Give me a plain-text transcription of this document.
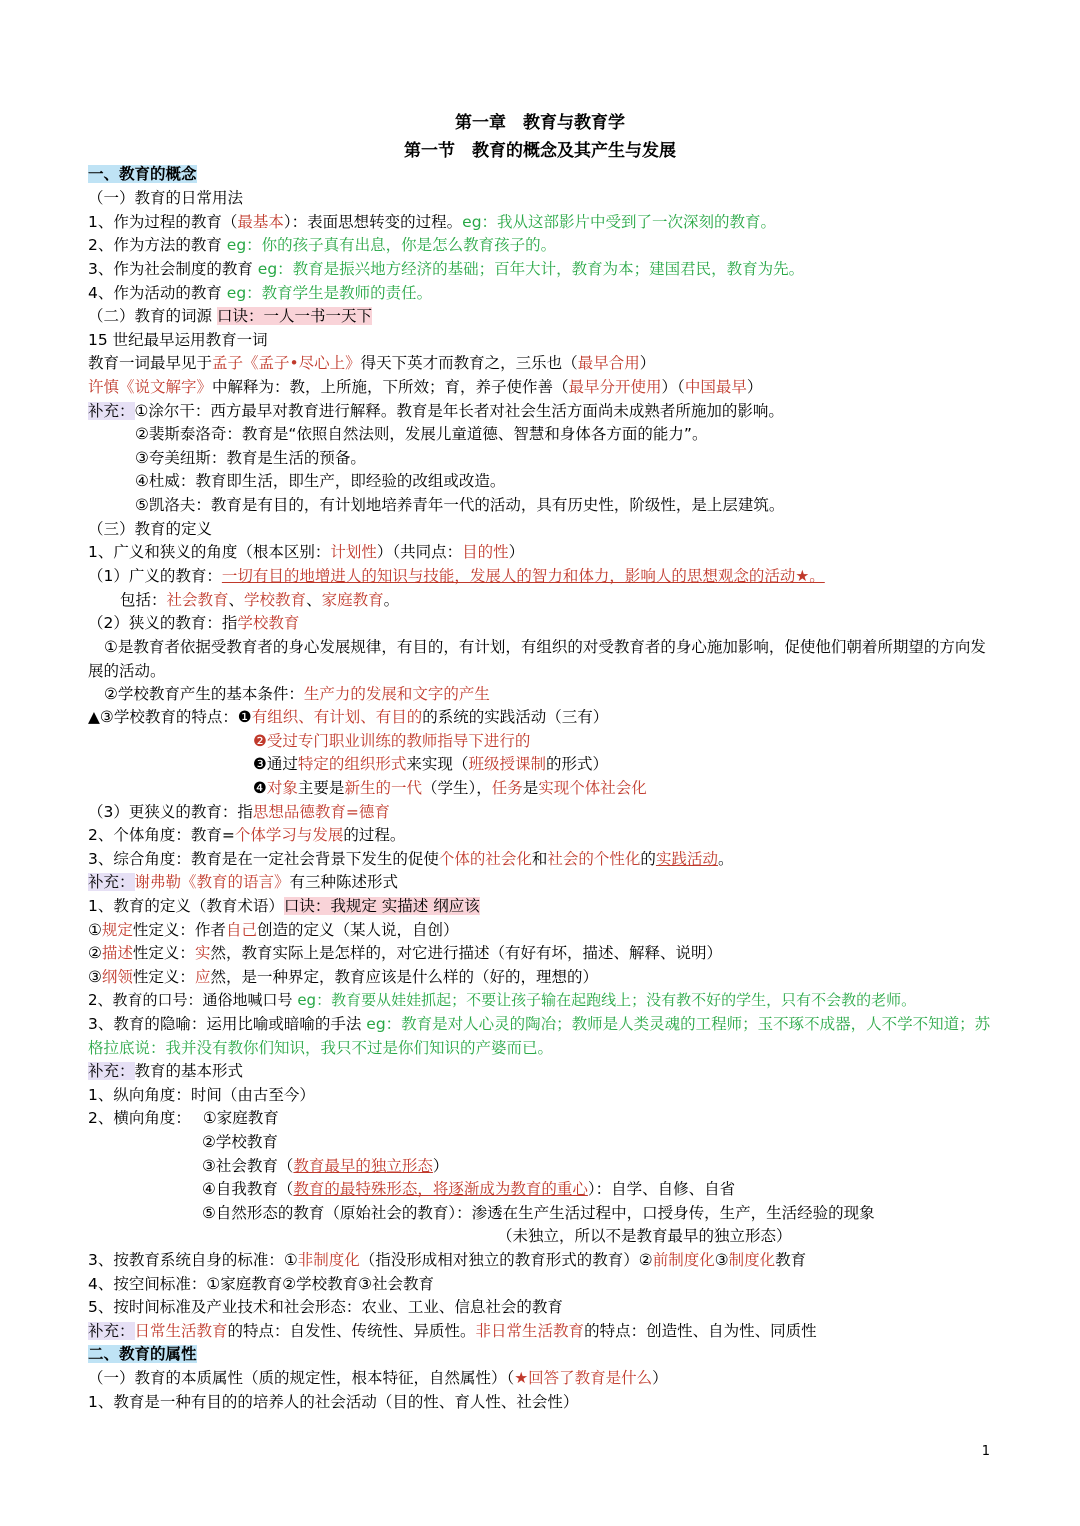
第一章　教育与教育学
第一节　教育的概念及其产生与发展
一、教育的概念
（一）教育的日常用法
1、作为过程的教育（最基本）：表面思想转变的过程。eg：我从这部影片中受到了一次深刻的教育。
2、作为方法的教育 eg：你的孩子真有出息，你是怎么教育孩子的。
3、作为社会制度的教育 eg：教育是振兴地方经济的基础；百年大计，教育为本；建国君民，教育为先。
4、作为活动的教育 eg：教育学生是教师的责任。
（二）教育的词源 口诀：一人一书一天下
15 世纪最早运用教育一词
教育一词最早见于孟子《孟子•尽心上》得天下英才而教育之，三乐也（最早合用）
许慎《说文解字》中解释为：教，上所施，下所效；育，养子使作善（最早分开使用）（中国最早）
补充：①涂尔干：西方最早对教育进行解释。教育是年长者对社会生活方面尚未成熟者所施加的影响。
②裴斯泰洛奇：教育是“依照自然法则，发展儿童道德、智慧和身体各方面的能力”。
③夸美纽斯：教育是生活的预备。
④杜威：教育即生活，即生产，即经验的改组或改造。
⑤凯洛夫：教育是有目的，有计划地培养青年一代的活动，具有历史性，阶级性，是上层建筑。
（三）教育的定义
1、广义和狭义的角度（根本区别：计划性）（共同点：目的性）
（1）广义的教育：一切有目的地增进人的知识与技能，发展人的智力和体力，影响人的思想观念的活动★。
包括：社会教育、学校教育、家庭教育。
（2）狭义的教育：指学校教育
①是教育者依据受教育者的身心发展规律，有目的，有计划，有组织的对受教育者的身心施加影响，促使他们朝着所期望的方向发展的活动。
②学校教育产生的基本条件：生产力的发展和文字的产生
▲③学校教育的特点：❶有组织、有计划、有目的的系统的实践活动（三有）
❷受过专门职业训练的教师指导下进行的
❸通过特定的组织形式来实现（班级授课制的形式）
❹对象主要是新生的一代（学生），任务是实现个体社会化
（3）更狭义的教育：指思想品德教育=德育
2、个体角度：教育=个体学习与发展的过程。
3、综合角度：教育是在一定社会背景下发生的促使个体的社会化和社会的个性化的实践活动。
补充：谢弗勒《教育的语言》有三种陈述形式
1、教育的定义（教育术语）口诀：我规定 实描述 纲应该
①规定性定义：作者自己创造的定义（某人说，自创）
②描述性定义：实然，教育实际上是怎样的，对它进行描述（有好有坏，描述、解释、说明）
③纲领性定义：应然，是一种界定，教育应该是什么样的（好的，理想的）
2、教育的口号：通俗地喊口号 eg：教育要从娃娃抓起；不要让孩子输在起跑线上；没有教不好的学生，只有不会教的老师。
3、教育的隐喻：运用比喻或暗喻的手法 eg：教育是对人心灵的陶冶；教师是人类灵魂的工程师；玉不琢不成器，人不学不知道；苏格拉底说：我并没有教你们知识，我只不过是你们知识的产婆而已。
补充：教育的基本形式
1、纵向角度：时间（由古至今）
2、横向角度： ①家庭教育
②学校教育
③社会教育（教育最早的独立形态）
④自我教育（教育的最特殊形态，将逐渐成为教育的重心）：自学、自修、自省
⑤自然形态的教育（原始社会的教育）：渗透在生产生活过程中，口授身传，生产，生活经验的现象
（未独立，所以不是教育最早的独立形态）
3、按教育系统自身的标准：①非制度化（指没形成相对独立的教育形式的教育）②前制度化③制度化教育
4、按空间标准：①家庭教育②学校教育③社会教育
5、按时间标准及产业技术和社会形态：农业、工业、信息社会的教育
补充：日常生活教育的特点：自发性、传统性、异质性。非日常生活教育的特点：创造性、自为性、同质性
二、教育的属性
（一）教育的本质属性（质的规定性，根本特征，自然属性）（★回答了教育是什么）
1、教育是一种有目的的培养人的社会活动（目的性、育人性、社会性）
1
